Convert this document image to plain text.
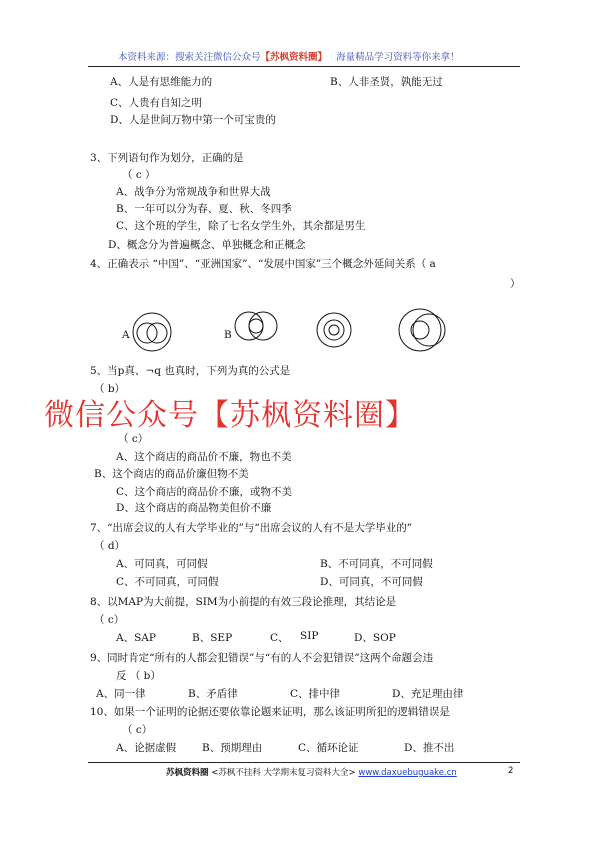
本资料来源：搜索关注微信公众号【苏枫资料圈】 海量精品学习资料等你来拿！
A、人是有思维能力的	B、人非圣贤，孰能无过
C、人贵有自知之明
D、人是世间万物中第一个可宝贵的
3、下列语句作为划分，正确的是
（ c ）
A、战争分为常规战争和世界大战
B、一年可以分为春、夏、秋、冬四季
C、这个班的学生，除了七名女学生外，其余都是男生
D、概念分为普遍概念、单独概念和正概念
4、正确表示 “中国”、“亚洲国家”、“发展中国家”三个概念外延间关系（ a
）
A	B
5、当p真、¬q 也真时，下列为真的公式是
（ b）
（ c）
A、这个商店的商品价不廉，物也不美
B、这个商店的商品价廉但物不美
C、这个商店的商品价不廉，或物不美
D、这个商店的商品物美但价不廉
7、“出席会议的人有大学毕业的”与“出席会议的人有不是大学毕业的”
（ d）
A、可同真，可同假	B、不可同真，不可同假
C、不可同真，可同假	D、可同真，不可同假
8、以MAP为大前提，SIM为小前提的有效三段论推理，其结论是
（ c）
A、SAP	B、SEP	C、 SIP	D、SOP
9、同时肯定“所有的人都会犯错误”与“有的人不会犯错误”这两个命题会违
反 （ b）
A、同一律	B、矛盾律	C、排中律	D、充足理由律
10、如果一个证明的论据还要依靠论题来证明，那么该证明所犯的逻辑错误是
（ c）
A、论据虚假 B、预期理由	C、循环论证	D、推不出
微信公众号【苏枫资料圈】
苏枫资料圈 <苏枫不挂科 大学期末复习资料大全> www.daxuebuguake.cn	2
